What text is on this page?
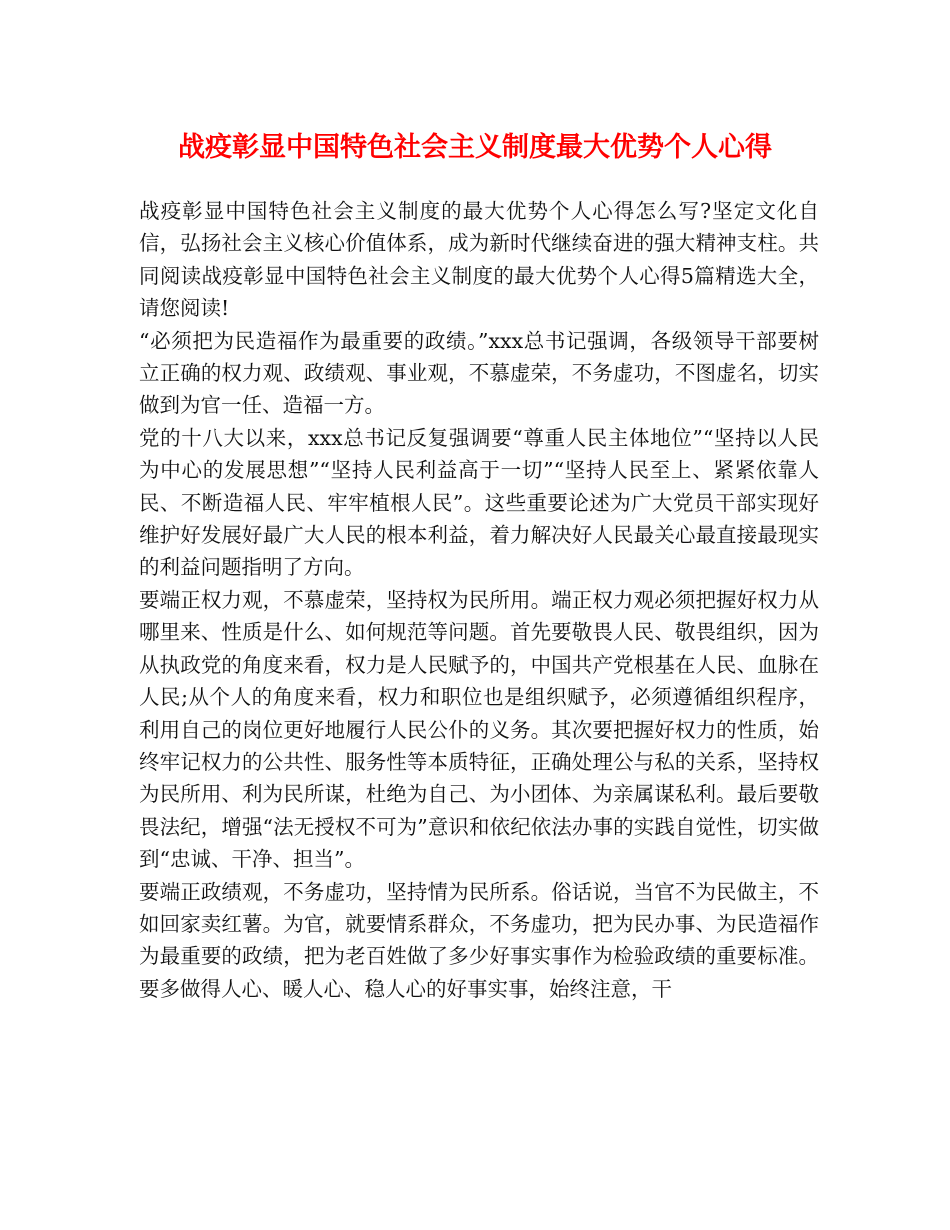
战疫彰显中国特色社会主义制度最大优势个人心得

战疫彰显中国特色社会主义制度的最大优势个人心得怎么写?坚定文化自信，弘扬社会主义核心价值体系，成为新时代继续奋进的强大精神支柱。共同阅读战疫彰显中国特色社会主义制度的最大优势个人心得5篇精选大全，请您阅读!

“必须把为民造福作为最重要的政绩。”xxx总书记强调，各级领导干部要树立正确的权力观、政绩观、事业观，不慕虚荣，不务虚功，不图虚名，切实做到为官一任、造福一方。

党的十八大以来，xxx总书记反复强调要“尊重人民主体地位”“坚持以人民为中心的发展思想”“坚持人民利益高于一切”“坚持人民至上、紧紧依靠人民、不断造福人民、牢牢植根人民”。这些重要论述为广大党员干部实现好维护好发展好最广大人民的根本利益，着力解决好人民最关心最直接最现实的利益问题指明了方向。

要端正权力观，不慕虚荣，坚持权为民所用。端正权力观必须把握好权力从哪里来、性质是什么、如何规范等问题。首先要敬畏人民、敬畏组织，因为从执政党的角度来看，权力是人民赋予的，中国共产党根基在人民、血脉在人民;从个人的角度来看，权力和职位也是组织赋予，必须遵循组织程序，利用自己的岗位更好地履行人民公仆的义务。其次要把握好权力的性质，始终牢记权力的公共性、服务性等本质特征，正确处理公与私的关系，坚持权为民所用、利为民所谋，杜绝为自己、为小团体、为亲属谋私利。最后要敬畏法纪，增强“法无授权不可为”意识和依纪依法办事的实践自觉性，切实做到“忠诚、干净、担当”。

要端正政绩观，不务虚功，坚持情为民所系。俗话说，当官不为民做主，不如回家卖红薯。为官，就要情系群众，不务虚功，把为民办事、为民造福作为最重要的政绩，把为老百姓做了多少好事实事作为检验政绩的重要标准。要多做得人心、暖人心、稳人心的好事实事，始终注意，干
